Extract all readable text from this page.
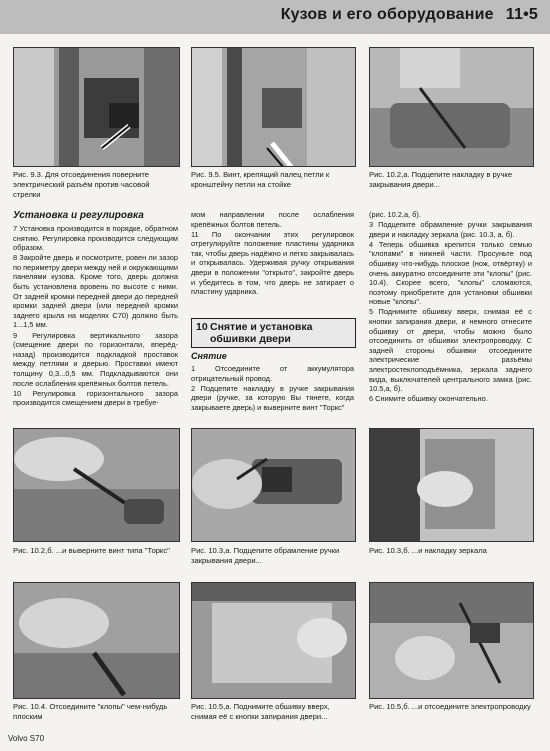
Кузов и его оборудование 11•5
Рис. 9.3. Для отсоединения поверните электрический разъём против часовой стрелки
Рис. 9.5. Винт, крепящий палец петли к кронштейну петли на стойке
Рис. 10.2,а. Подцепите накладку в ручке закрывания двери...

Установка и регулировка

7 Установка производится в порядке, обратном снятию. Регулировка производится следующим образом.

8 Закройте дверь и посмотрите, ровен ли зазор по периметру двери между ней и окружающими панелями кузова. Кроме того, дверь должна быть установлена вровень по высоте с ними. От задней кромки передней двери до передней кромки задней двери (или передней кромки заднего крыла на моделях С70) должно быть 1...1,5 мм.

9 Регулировка вертикального зазора (смещение двери по горизонтали, вперёд-назад) производится подкладкой проставок между петлями и дверью. Проставки имеют толщину 0,3...0,5 мм. Подкладываются они после ослабления крепёжных болтов петель.

10 Регулировка горизонтального зазора производится смещением двери в требуе-

мом направлении после ослабления крепёжных болтов петель.

11 По окончании этих регулировок отрегулируйте положение пластины ударника так, чтобы дверь надёжно и легко закрывалась и открывалась. Удерживая ручку открывания двери в положении "открыто", закройте дверь и убедитесь в том, что дверь не затирает о пластину ударника.

10 Снятие и установка обшивки двери
Снятие

1 Отсоедините от аккумулятора отрицательный провод.

2 Подцепите накладку в ручке закрывания двери (ручке, за которую Вы тянете, когда закрываете дверь) и выверните винт "Торкс"

(рис. 10.2,а, б).

3 Подцепите обрамление ручки закрывания двери и накладку зеркала (рис. 10.3, а, б).

4 Теперь обшивка крепится только семью "клопами" в нижней части. Просуньте под обшивку что-нибудь плоское (нож, отвёртку) и очень аккуратно отсоедините эти "клопы" (рис. 10.4). Скорее всего, "клопы" сломаются, поэтому приобретите для установки обшивки новые "клопы".

5 Поднимите обшивку вверх, снимая её с кнопки запирания двери, и немного отнесите обшивку от двери, чтобы можно было отсоединить от обшивки электропроводку. С задней стороны обшивки отсоедините электрические разъёмы электростеклоподъёмника, зеркала заднего вида, выключателей центрального замка (рис. 10.5,а, б).

6 Снимите обшивку окончательно.

Рис. 10.2,б. ...и выверните винт типа "Торкс"	Рис. 10.3,а. Подцепите обрамление ручки закрывания двери...
Рис. 10.3,б. ...и накладку зеркала
Рис. 10.4. Отсоедините "клопы" чем-нибудь плоским
Рис. 10.5,а. Поднимите обшивку вверх, снимая её с кнопки запирания двери...
Рис. 10.5,б. ...и отсоедините электропроводку
Volvo S70
